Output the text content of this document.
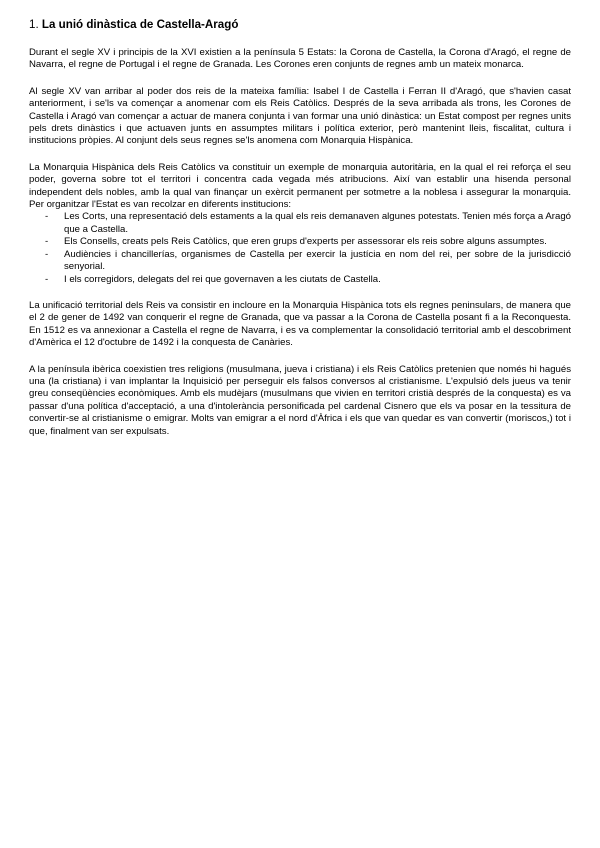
1. La unió dinàstica de Castella-Aragó

Durant el segle XV i principis de la XVI existien a la península 5 Estats: la Corona de Castella, la Corona d'Aragó, el regne de Navarra, el regne de Portugal i el regne de Granada. Les Corones eren conjunts de regnes amb un mateix monarca.

Al segle XV van arribar al poder dos reis de la mateixa família: Isabel I de Castella i Ferran II d'Aragó, que s'havien casat anteriorment, i se'ls va començar a anomenar com els Reis Catòlics. Després de la seva arribada als trons, les Corones de Castella i Aragó van començar a actuar de manera conjunta i van formar una unió dinàstica: un Estat compost per regnes units pels drets dinàstics i que actuaven junts en assumptes militars i política exterior, però mantenint lleis, fiscalitat, cultura i institucions pròpies. Al conjunt dels seus regnes se'ls anomena com Monarquia Hispànica.

La Monarquia Hispànica dels Reis Catòlics va constituir un exemple de monarquia autoritària, en la qual el rei reforça el seu poder, governa sobre tot el territori i concentra cada vegada més atribucions. Així van establir una hisenda personal independent dels nobles, amb la qual van finançar un exèrcit permanent per sotmetre a la noblesa i assegurar la monarquia. Per organitzar l'Estat es van recolzar en diferents institucions:

- Les Corts, una representació dels estaments a la qual els reis demanaven algunes potestats. Tenien més força a Aragó que a Castella.
- Els Consells, creats pels Reis Catòlics, que eren grups d'experts per assessorar els reis sobre alguns assumptes.
- Audiències i chancillerías, organismes de Castella per exercir la justícia en nom del rei, per sobre de la jurisdicció senyorial.
- I els corregidors, delegats del rei que governaven a les ciutats de Castella.

La unificació territorial dels Reis va consistir en incloure en la Monarquia Hispànica tots els regnes peninsulars, de manera que el 2 de gener de 1492 van conquerir el regne de Granada, que va passar a la Corona de Castella posant fi a la Reconquesta. En 1512 es va annexionar a Castella el regne de Navarra, i es va complementar la consolidació territorial amb el descobriment d'Amèrica el 12 d'octubre de 1492 i la conquesta de Canàries.

A la península ibèrica coexistien tres religions (musulmana, jueva i cristiana) i els Reis Catòlics pretenien que només hi hagués una (la cristiana) i van implantar la Inquisició per perseguir els falsos conversos al cristianisme. L'expulsió dels jueus va tenir greu conseqüències econòmiques. Amb els mudèjars (musulmans que vivien en territori cristià després de la conquesta) es va passar d'una política d'acceptació, a una d'intolerància personificada pel cardenal Cisnero que els va posar en la tessitura de convertir-se al cristianisme o emigrar. Molts van emigrar a el nord d'Àfrica i els que van quedar es van convertir (moriscos,) tot i que, finalment van ser expulsats.
